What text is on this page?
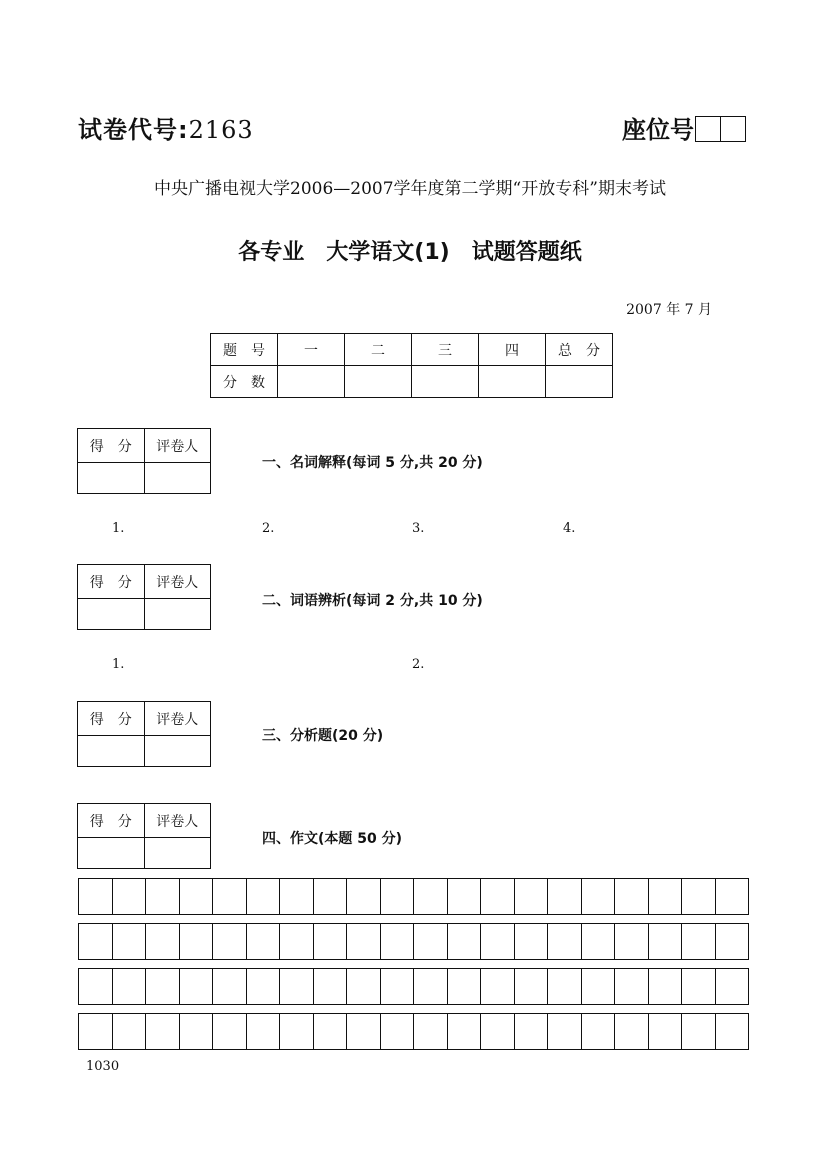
试卷代号:2163	座位号
中央广播电视大学2006—2007学年度第二学期“开放专科”期末考试
各专业　大学语文(1)　试题答题纸
2007 年 7 月
题　号	一	二	三	四	总　分
分　数					
得　分	评卷人
一、名词解释(每词 5 分,共 20 分)
1.	2.	3.	4.
得　分	评卷人
二、词语辨析(每词 2 分,共 10 分)
1.	2.
得　分	评卷人
三、分析题(20 分)
得　分	评卷人
四、作文(本题 50 分)
1030
